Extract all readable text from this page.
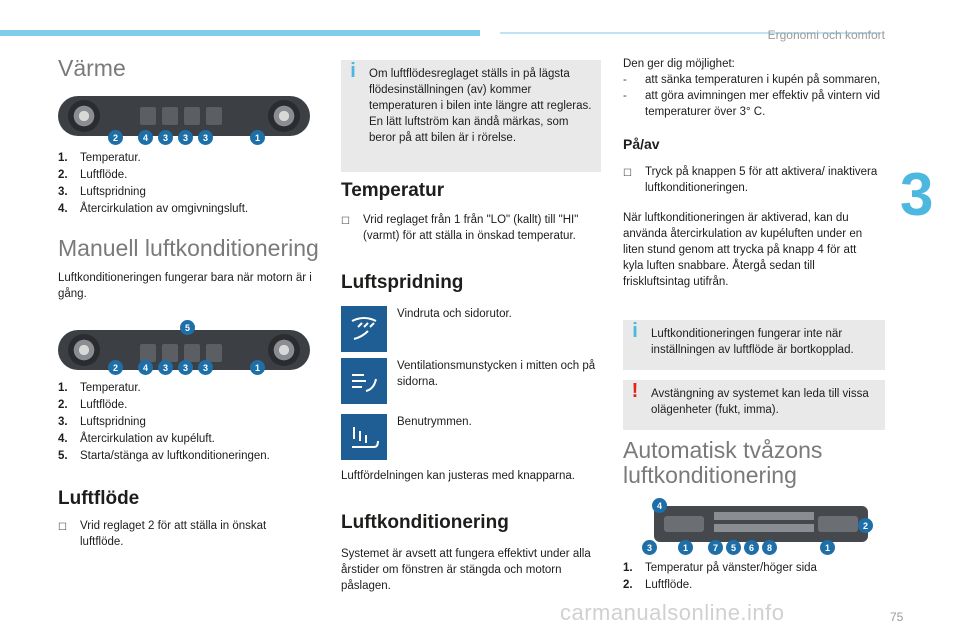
Ergonomi och komfort
3
Värme
2	4	3	3	3	1
1.	Temperatur.
2.	Luftflöde.
3.	Luftspridning
4.	Återcirkulation av omgivningsluft.
Manuell luftkonditionering
Luftkonditioneringen fungerar bara när motorn är i gång.
5
2	4	3	3	3	1
1.	Temperatur.
2.	Luftflöde.
3.	Luftspridning
4.	Återcirkulation av kupéluft.
5.	Starta/stänga av luftkonditioneringen.
Luftflöde
☐	Vrid reglaget 2 för att ställa in önskat luftflöde.
i	Om luftflödesreglaget ställs in på lägsta flödesinställningen (av) kommer temperaturen i bilen inte längre att regleras. En lätt luftström kan ändå märkas, som beror på att bilen är i rörelse.
Temperatur
☐	Vrid reglaget från 1 från "LO" (kallt) till "HI" (varmt) för att ställa in önskad temperatur.
Luftspridning
Vindruta och sidorutor.
Ventilationsmunstycken i mitten och på sidorna.
Benutrymmen.
Luftfördelningen kan justeras med knapparna.
Luftkonditionering
Systemet är avsett att fungera effektivt under alla årstider om fönstren är stängda och motorn påslagen.
Den ger dig möjlighet:
-	att sänka temperaturen i kupén på sommaren,
-	att göra avimningen mer effektiv på vintern vid temperaturer över 3° C.
På/av
☐	Tryck på knappen 5 för att aktivera/ inaktivera luftkonditioneringen.
När luftkonditioneringen är aktiverad, kan du använda återcirkulation av kupéluften under en liten stund genom att trycka på knapp 4 för att kyla luften snabbare. Återgå sedan till friskluftsintag utifrån.
i	Luftkonditioneringen fungerar inte när inställningen av luftflöde är bortkopplad.
!	Avstängning av systemet kan leda till vissa olägenheter (fukt, imma).
Automatisk tvåzons luftkonditionering
4
2
3	1	7	5	6	8	1
1.	Temperatur på vänster/höger sida
2.	Luftflöde.
carmanualsonline.info	75
